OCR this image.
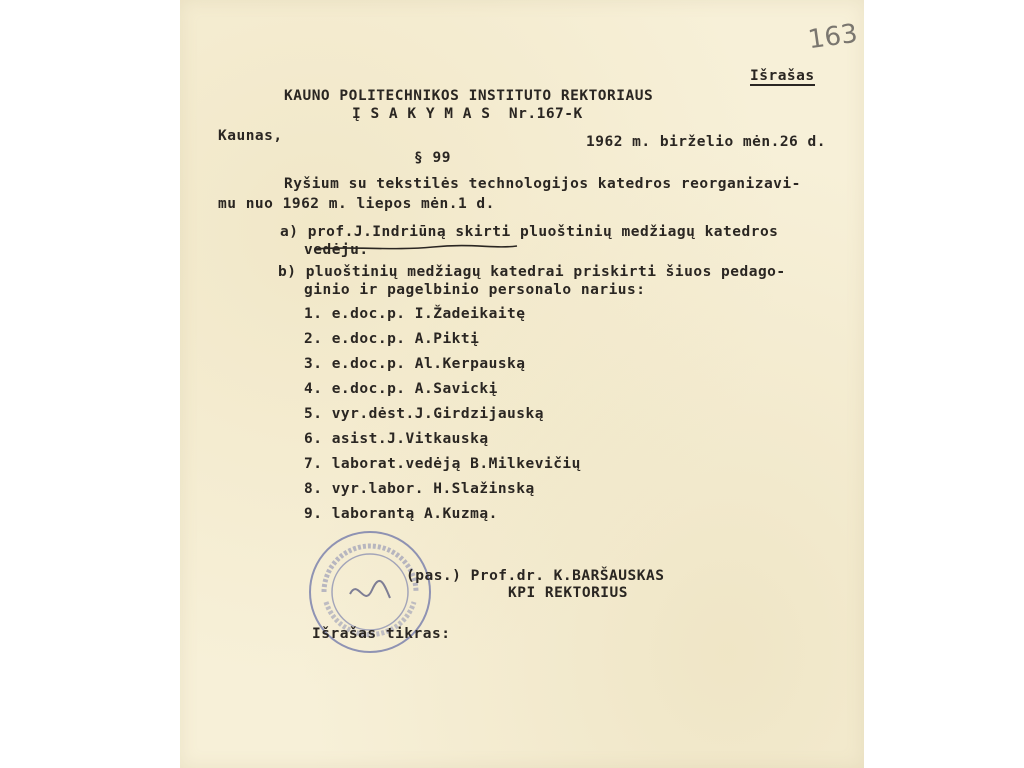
163
Išrašas
KAUNO POLITECHNIKOS INSTITUTO REKTORIAUS
Į S A K Y M A S  Nr.167-K
Kaunas,	1962 m. birželio mėn.26 d.
§ 99
Ryšium su tekstilės technologijos katedros reorganizavi-
mu nuo 1962 m. liepos mėn.1 d.
a) prof.J.Indriūną skirti pluoštinių medžiagų katedros
vedėju.
b) pluoštinių medžiagų katedrai priskirti šiuos pedago-
ginio ir pagelbinio personalo narius:
1. e.doc.p. I.Žadeikaitę
2. e.doc.p. A.Piktį
3. e.doc.p. Al.Kerpauską
4. e.doc.p. A.Savickį
5. vyr.dėst.J.Girdzijauską
6. asist.J.Vitkauską
7. laborat.vedėją B.Milkevičių
8. vyr.labor. H.Slažinską
9. laborantą A.Kuzmą.
(pas.) Prof.dr. K.BARŠAUSKAS
KPI REKTORIUS
Išrašas tikras:
